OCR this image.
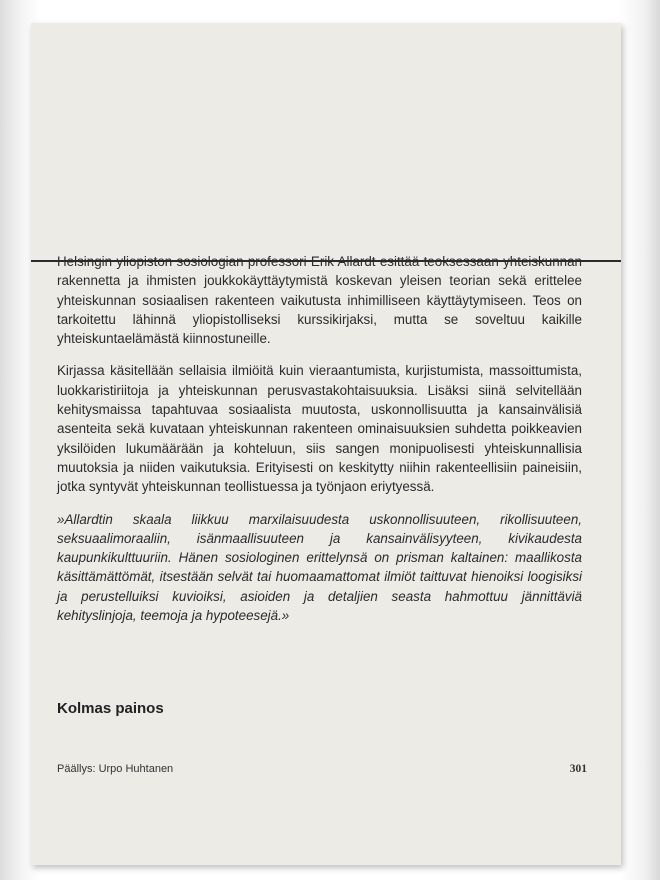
Helsingin yliopiston sosiologian professori Erik Allardt esittää teoksessaan yhteiskunnan rakennetta ja ihmisten joukkokäyttäytymistä koskevan yleisen teorian sekä erittelee yhteiskunnan sosiaalisen rakenteen vaikutusta inhimilliseen käyttäytymiseen. Teos on tarkoitettu lähinnä yliopistolliseksi kurssikirjaksi, mutta se soveltuu kaikille yhteiskuntaelämästä kiinnostuneille.

Kirjassa käsitellään sellaisia ilmiöitä kuin vieraantumista, kurjistumista, massoittumista, luokkaristiriitoja ja yhteiskunnan perusvastakohtaisuuksia. Lisäksi siinä selvitellään kehitysmaissa tapahtuvaa sosiaalista muutosta, uskonnollisuutta ja kansainvälisiä asenteita sekä kuvataan yhteiskunnan rakenteen ominaisuuksien suhdetta poikkeavien yksilöiden lukumäärään ja kohteluun, siis sangen monipuolisesti yhteiskunnallisia muutoksia ja niiden vaikutuksia. Erityisesti on keskitytty niihin rakenteellisiin paineisiin, jotka syntyvät yhteiskunnan teollistuessa ja työnjaon eriytyessä.

»Allardtin skaala liikkuu marxilaisuudesta uskonnollisuuteen, rikollisuuteen, seksuaalimoraaliin, isänmaallisuuteen ja kansainvälisyyteen, kivikaudesta kaupunkikulttuuriin. Hänen sosiologinen erittelynsä on prisman kaltainen: maallikosta käsittämättömät, itsestään selvät tai huomaamattomat ilmiöt taittuvat hienoiksi loogisiksi ja perustelluiksi kuvioiksi, asioiden ja detaljien seasta hahmottuu jännittäviä kehityslinjoja, teemoja ja hypoteesejä.»

Kolmas painos
Päällys: Urpo Huhtanen	301
